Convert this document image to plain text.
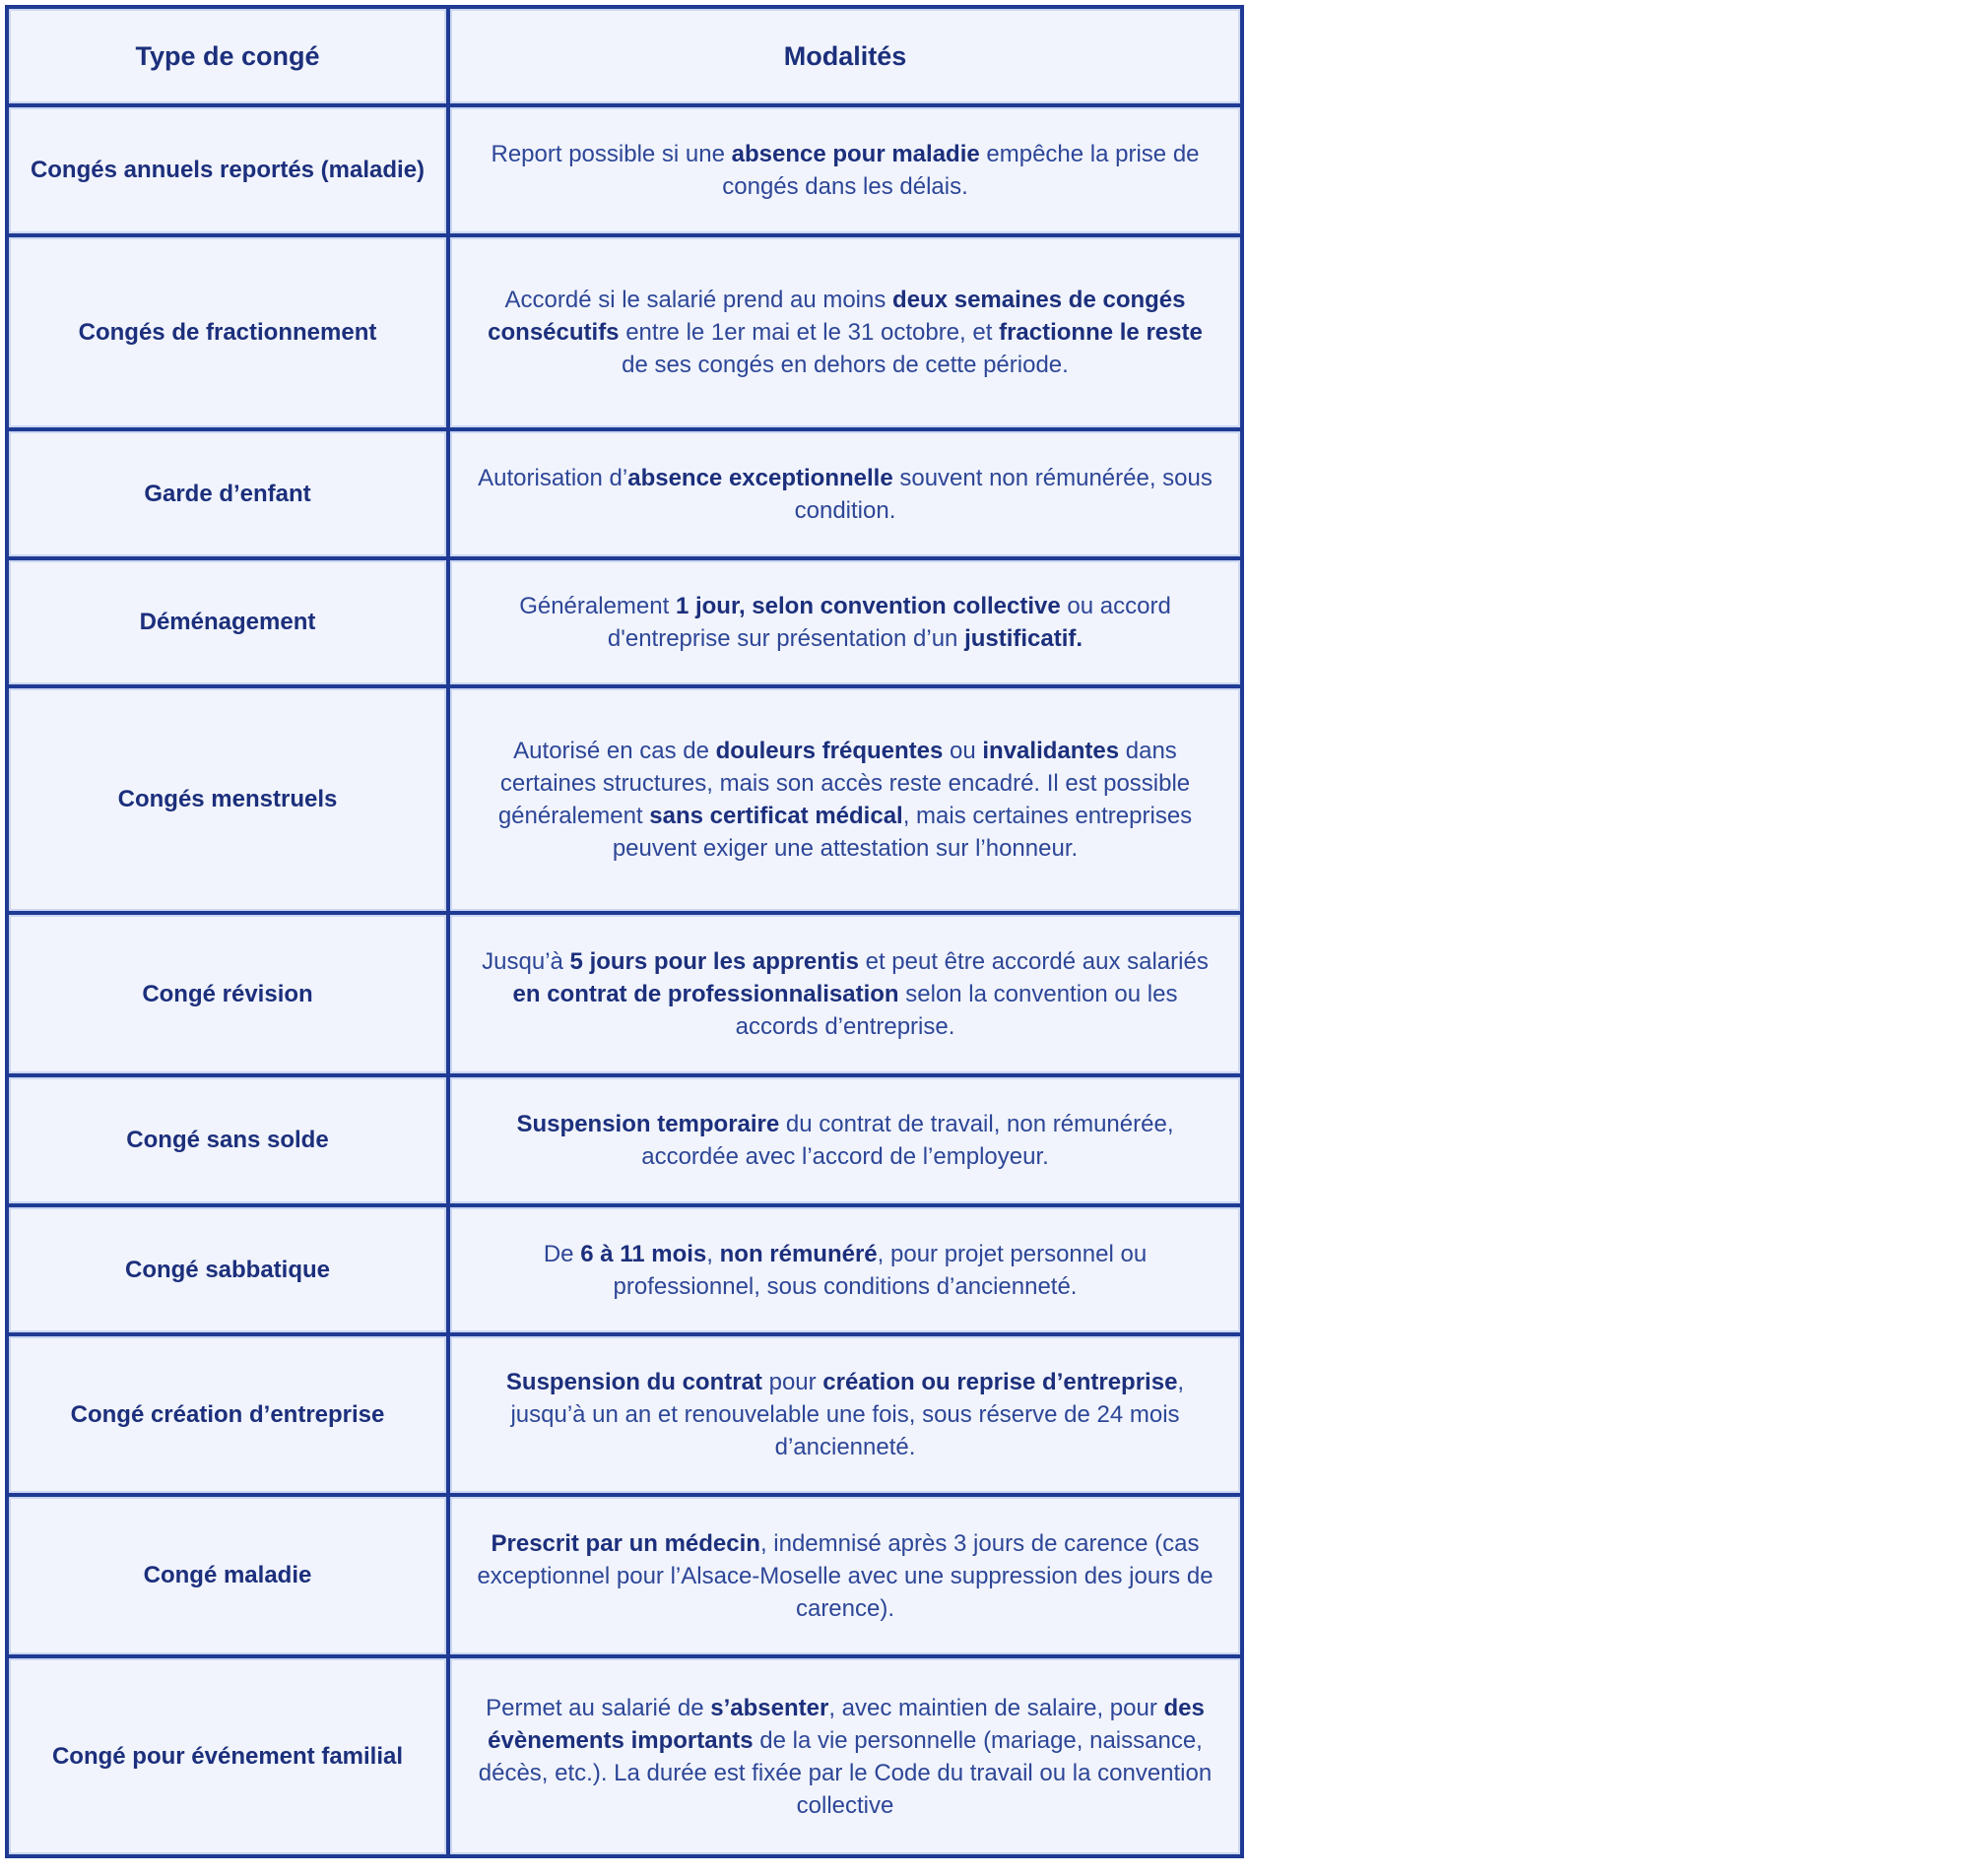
Type de congé	Modalités
Congés annuels reportés (maladie)

Report possible si une absence pour maladie empêche la prise de congés dans les délais.

Congés de fractionnement

Accordé si le salarié prend au moins deux semaines de congés consécutifs entre le 1er mai et le 31 octobre, et fractionne le reste de ses congés en dehors de cette période.

Garde d’enfant

Autorisation d’absence exceptionnelle souvent non rémunérée, sous condition.

Déménagement

Généralement 1 jour, selon convention collective ou accord d'entreprise sur présentation d’un justificatif.

Congés menstruels

Autorisé en cas de douleurs fréquentes ou invalidantes dans certaines structures, mais son accès reste encadré. Il est possible généralement sans certificat médical, mais certaines entreprises peuvent exiger une attestation sur l’honneur.

Congé révision

Jusqu’à 5 jours pour les apprentis et peut être accordé aux salariés en contrat de professionnalisation selon la convention ou les accords d’entreprise.

Congé sans solde

Suspension temporaire du contrat de travail, non rémunérée, accordée avec l’accord de l’employeur.

Congé sabbatique

De 6 à 11 mois, non rémunéré, pour projet personnel ou professionnel, sous conditions d’ancienneté.

Congé création d’entreprise

Suspension du contrat pour création ou reprise d’entreprise, jusqu’à un an et renouvelable une fois, sous réserve de 24 mois d’ancienneté.

Congé maladie

Prescrit par un médecin, indemnisé après 3 jours de carence (cas exceptionnel pour l’Alsace-Moselle avec une suppression des jours de carence).

Congé pour événement familial

Permet au salarié de s’absenter, avec maintien de salaire, pour des évènements importants de la vie personnelle (mariage, naissance, décès, etc.). La durée est fixée par le Code du travail ou la convention collective
